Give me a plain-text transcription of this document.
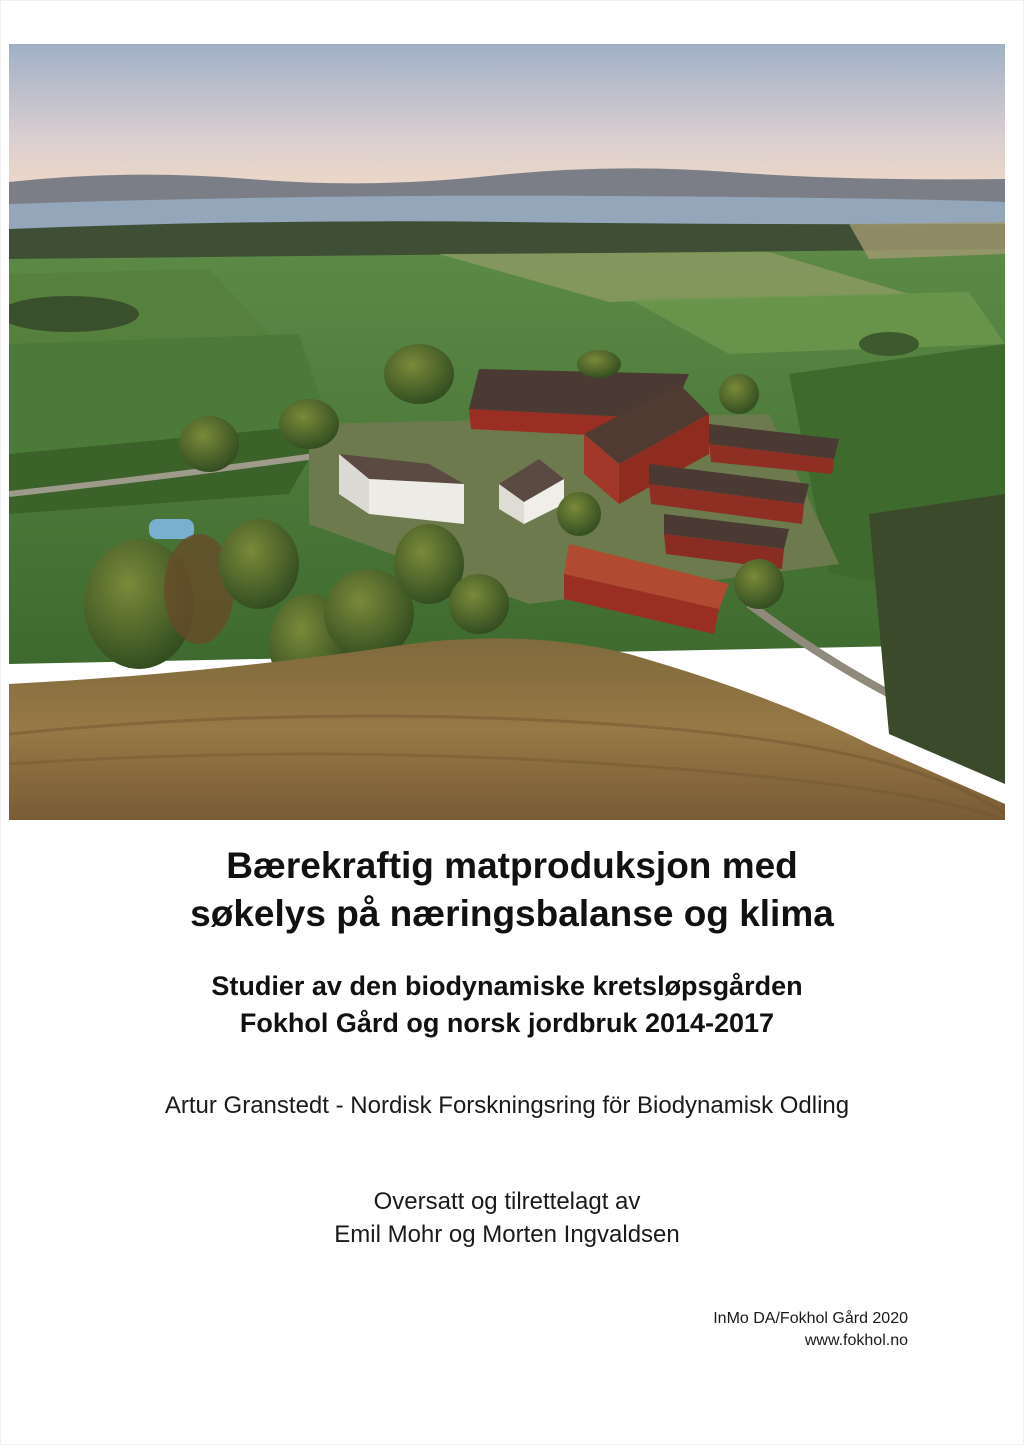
Bærekraftig matproduksjon med
søkelys på næringsbalanse og klima
Studier av den biodynamiske kretsløpsgården
Fokhol Gård og norsk jordbruk 2014-2017
Artur Granstedt - Nordisk Forskningsring för Biodynamisk Odling
Oversatt og tilrettelagt av
Emil Mohr og Morten Ingvaldsen
InMo DA/Fokhol Gård 2020
www.fokhol.no
